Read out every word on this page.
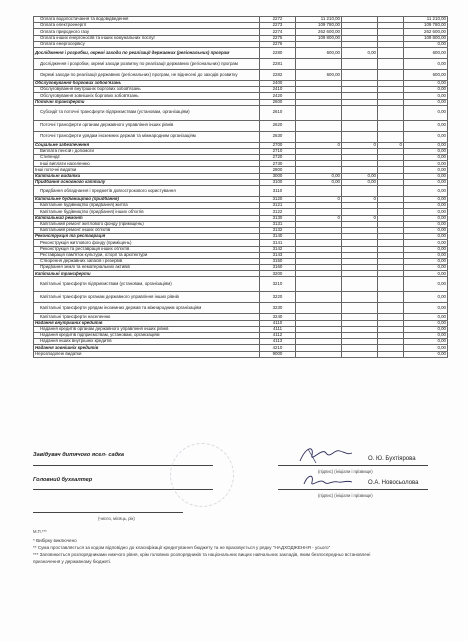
Оплата водопостачання та водовідведення	2272	11 210,00			11 210,00
Оплата електроенергії	2273	109 780,00			109 780,00
Оплата природного газу	2274	262 600,00			262 600,00
Оплата інших енергоносіїв та інших комунальних послуг	2275	109 800,00			109 800,00
Оплата енергосервісу	2276				0,00
Дослідження і розробки, окремі заходи по реалізації державних (регіональних) програм	2280	600,00	0,00		600,00
Дослідження і розробки, окремі заходи розвитку по реалізації державних (регіональних) програм	2281				0,00
Окремі заходи по реалізації державних (регіональних) програм, не віднесені до заходів розвитку	2282	600,00			600,00
Обслуговування боргових зобов'язань	2400				0,00
Обслуговування внутрішніх боргових зобов'язань	2410				0,00
Обслуговування зовнішніх боргових зобов'язань	2420				0,00
Поточні трансферти	2600				0,00
Субсидії та поточні трансферти підприємствам (установам, організаціям)	2610				0,00
Поточні трансферти органам державного управління інших рівнів	2620				0,00
Поточні трансферти урядам іноземних держав та міжнародним організаціям	2630				0,00
Соціальне забезпечення	2700	0	0	0	0,00
Виплата пенсій і допомоги	2710				0,00
Стипендії	2720				0,00
Інші виплати населенню	2730				0,00
Інші поточні видатки	2800				0,00
Капітальні видатки	3000	0,00	0,00		0,00
Придбання основного капіталу	3100	0,00	0,00		0,00
Придбання обладнання і предметів довгострокового користування	3110				0,00
Капітальне будівництво (придбання)	3120	0	0		0,00
Капітальне будівництво (придбання) житла	3121				0,00
Капітальне будівництво (придбання) інших об'єктів	3122				0,00
Капітальний ремонт	3130	0	0		0,00
Капітальний ремонт житлового фонду (приміщень)	3131				0,00
Капітальний ремонт інших об'єктів	3132				0,00
Реконструкція та реставрація	3140				0,00
Реконструкція житлового фонду (приміщень)	3141				0,00
Реконструкція та реставрація інших об'єктів	3142				0,00
Реставрація пам'яток культури, історії та архітектури	3143				0,00
Створення державних запасів і резервів	3150				0,00
Придбання землі та нематеріальних активів	3160				0,00
Капітальні трансферти	3200				0,00
Капітальні трансферти підприємствам (установам, організаціям)	3210				0,00
Капітальні трансферти органам державного управління інших рівнів	3220				0,00
Капітальні трансферти урядам іноземних держав та міжнародним організаціям	3230				0,00
Капітальні трансферти населенню	3240				0,00
Надання внутрішніх кредитів	4110				0,00
Надання кредитів органам державного управління інших рівнів	4111				0,00
Надання кредитів підприємствам, установам, організаціям	4112				0,00
Надання інших внутрішніх кредитів	4113				0,00
Надання зовнішніх кредитів	4210				0,00
Нерозподілені видатки	9000				0,00
Завідувач дитячого ясел- садка
О. Ю. Бухтіярова
(підпис) (ініціали і прізвище)
Головний бухгалтер	О.А. Новосьолова
(підпис) (ініціали і прізвище)
(число, місяць, рік)
М.П.***
* Вибірку виключено
** Сума проставляється за кодом відповідно до класифікації кредитування бюджету та не враховується у рядку "НАДХОДЖЕННЯ - усього"
*** Заповнюється розпорядниками нижчого рівня, крім головних розпорядників та національних вищих навчальних закладів, яким безпосередньо встановлені
призначення у державному бюджеті.
